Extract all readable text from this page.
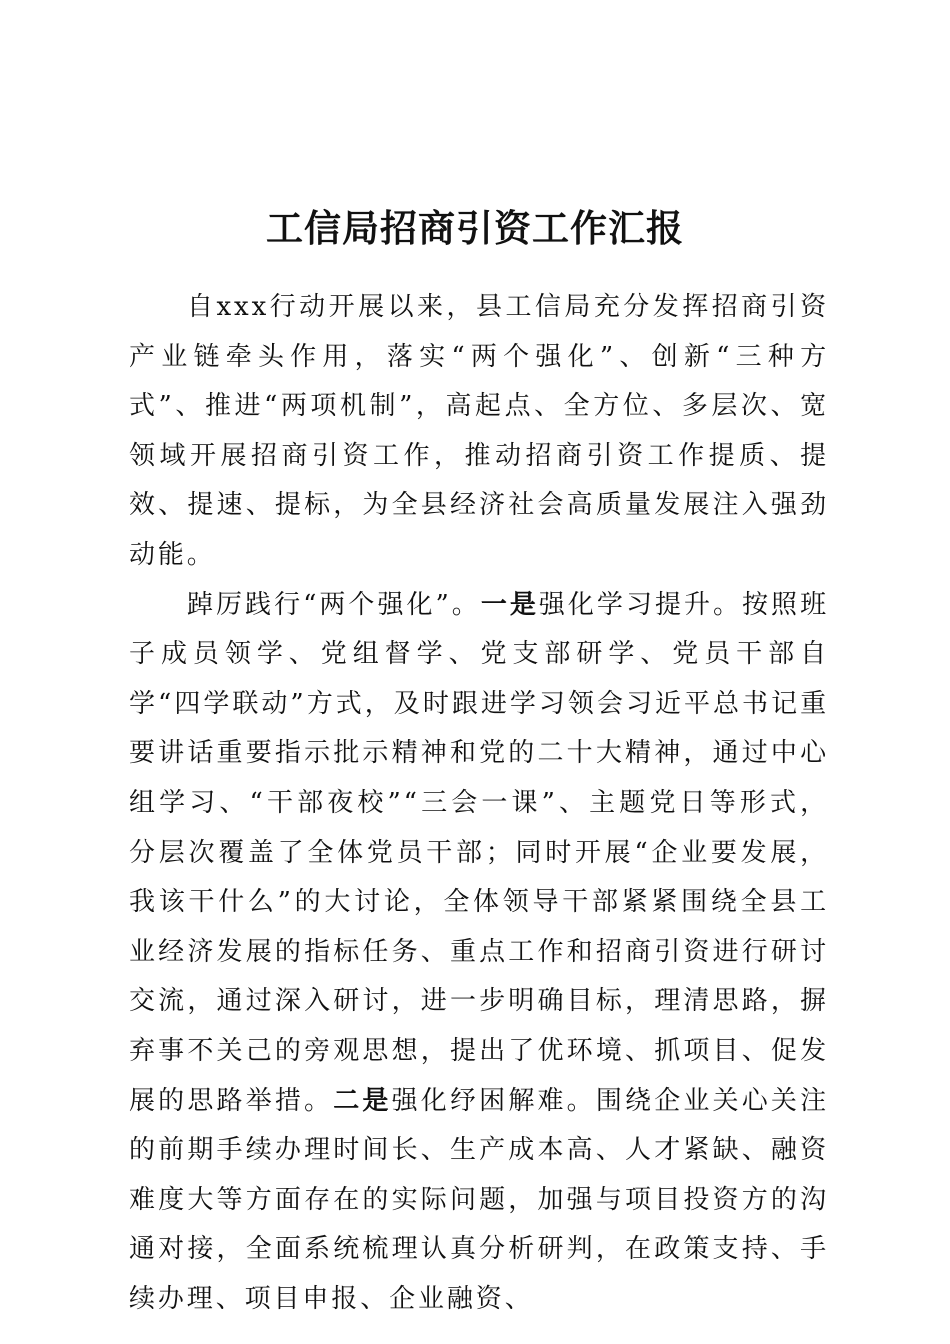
工信局招商引资工作汇报

自xxx行动开展以来，县工信局充分发挥招商引资产业链牵头作用，落实“两个强化”、创新“三种方式”、推进“两项机制”，高起点、全方位、多层次、宽领域开展招商引资工作，推动招商引资工作提质、提效、提速、提标，为全县经济社会高质量发展注入强劲动能。

踔厉践行“两个强化”。一是强化学习提升。按照班子成员领学、党组督学、党支部研学、党员干部自学“四学联动”方式，及时跟进学习领会习近平总书记重要讲话重要指示批示精神和党的二十大精神，通过中心组学习、“干部夜校”“三会一课”、主题党日等形式，分层次覆盖了全体党员干部；同时开展“企业要发展，我该干什么”的大讨论，全体领导干部紧紧围绕全县工业经济发展的指标任务、重点工作和招商引资进行研讨交流，通过深入研讨，进一步明确目标，理清思路，摒弃事不关己的旁观思想，提出了优环境、抓项目、促发展的思路举措。二是强化纾困解难。围绕企业关心关注的前期手续办理时间长、生产成本高、人才紧缺、融资难度大等方面存在的实际问题，加强与项目投资方的沟通对接，全面系统梳理认真分析研判，在政策支持、手续办理、项目申报、企业融资、
